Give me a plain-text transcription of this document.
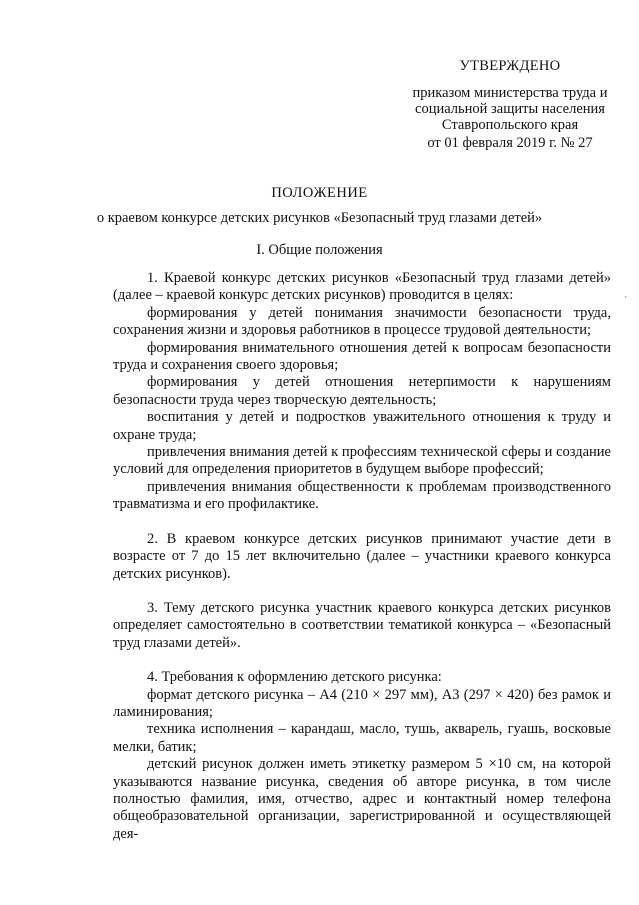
УТВЕРЖДЕНО
приказом министерства труда и
социальной защиты населения
Ставропольского края
от 01 февраля 2019 г. № 27
ПОЛОЖЕНИЕ
о краевом конкурсе детских рисунков «Безопасный труд глазами детей»
I. Общие положения

1. Краевой конкурс детских рисунков «Безопасный труд глазами детей» (далее – краевой конкурс детских рисунков) проводится в целях:

формирования у детей понимания значимости безопасности труда, сохранения жизни и здоровья работников в процессе трудовой деятельности;

формирования внимательного отношения детей к вопросам безопасности труда и сохранения своего здоровья;

формирования у детей отношения нетерпимости к нарушениям безопасности труда через творческую деятельность;

воспитания у детей и подростков уважительного отношения к труду и охране труда;

привлечения внимания детей к профессиям технической сферы и создание условий для определения приоритетов в будущем выборе профессий;

привлечения внимания общественности к проблемам производственного травматизма и его профилактике.

2. В краевом конкурсе детских рисунков принимают участие дети в возрасте от 7 до 15 лет включительно (далее – участники краевого конкурса детских рисунков).

3. Тему детского рисунка участник краевого конкурса детских рисунков определяет самостоятельно в соответствии тематикой конкурса – «Безопасный труд глазами детей».

4. Требования к оформлению детского рисунка:

формат детского рисунка – А4 (210 × 297 мм), А3 (297 × 420) без рамок и ламинирования;

техника исполнения – карандаш, масло, тушь, акварель, гуашь, восковые мелки, батик;

детский рисунок должен иметь этикетку размером 5 ×10 см, на которой указываются название рисунка, сведения об авторе рисунка, в том числе полностью фамилия, имя, отчество, адрес и контактный номер телефона общеобразовательной организации, зарегистрированной и осуществляющей дея-

ˊ
